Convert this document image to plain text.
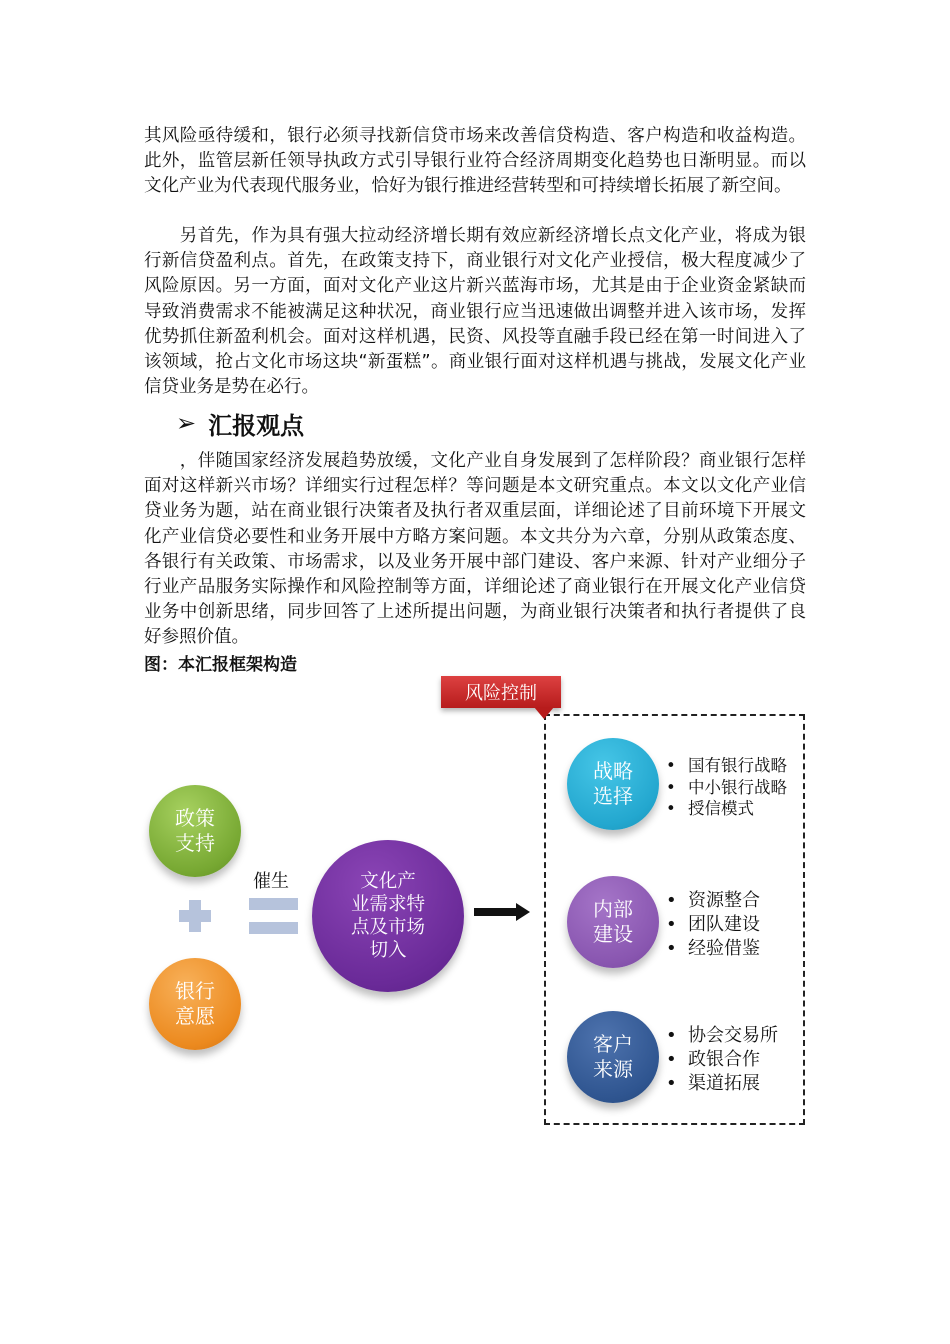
其风险亟待缓和，银行必须寻找新信贷市场来改善信贷构造、客户构造和收益构造。此外，监管层新任领导执政方式引导银行业符合经济周期变化趋势也日渐明显。而以文化产业为代表现代服务业，恰好为银行推进经营转型和可持续增长拓展了新空间。

　　另首先，作为具有强大拉动经济增长期有效应新经济增长点文化产业，将成为银行新信贷盈利点。首先，在政策支持下，商业银行对文化产业授信，极大程度减少了风险原因。另一方面，面对文化产业这片新兴蓝海市场，尤其是由于企业资金紧缺而导致消费需求不能被满足这种状况，商业银行应当迅速做出调整并进入该市场，发挥优势抓住新盈利机会。面对这样机遇，民资、风投等直融手段已经在第一时间进入了该领域，抢占文化市场这块“新蛋糕”。商业银行面对这样机遇与挑战，发展文化产业信贷业务是势在必行。

➢ 汇报观点

　　，伴随国家经济发展趋势放缓，文化产业自身发展到了怎样阶段？商业银行怎样面对这样新兴市场？详细实行过程怎样？等问题是本文研究重点。本文以文化产业信贷业务为题，站在商业银行决策者及执行者双重层面，详细论述了目前环境下开展文化产业信贷必要性和业务开展中方略方案问题。本文共分为六章，分别从政策态度、各银行有关政策、市场需求，以及业务开展中部门建设、客户来源、针对产业细分子行业产品服务实际操作和风险控制等方面，详细论述了商业银行在开展文化产业信贷业务中创新思绪，同步回答了上述所提出问题，为商业银行决策者和执行者提供了良好参照价值。

图：本汇报框架构造
政策
支持
银行
意愿
催生	文化产
业需求特
点及市场
切入
风险控制
战略
选择
• 国有银行战略
• 中小银行战略
• 授信模式
内部
建设
• 资源整合
• 团队建设
• 经验借鉴
客户
来源
• 协会交易所
• 政银合作
• 渠道拓展
